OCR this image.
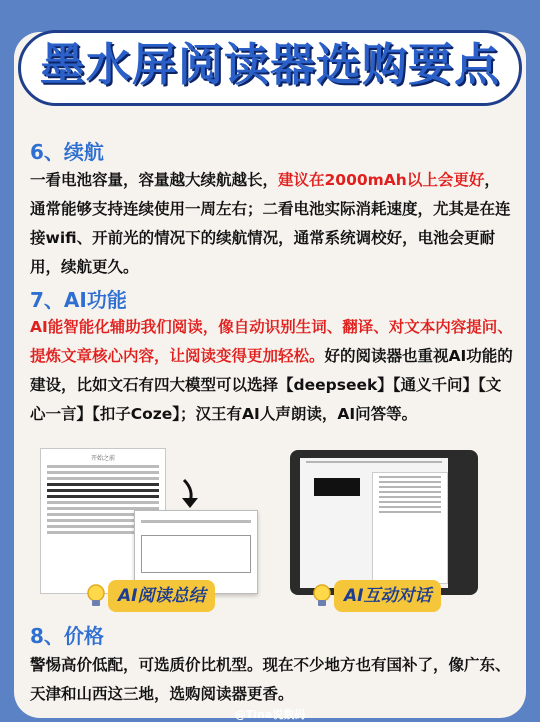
墨水屏阅读器选购要点
6、续航
一看电池容量，容量越大续航越长，建议在2000mAh以上会更好，通常能够支持连续使用一周左右；二看电池实际消耗速度，尤其是在连接wifi、开前光的情况下的续航情况，通常系统调校好，电池会更耐用，续航更久。
7、AI功能
AI能智能化辅助我们阅读，像自动识别生词、翻译、对文本内容提问、提炼文章核心内容，让阅读变得更加轻松。好的阅读器也重视AI功能的建设，比如文石有四大模型可以选择【deepseek】【通义千问】【文心一言】【扣子Coze】；汉王有AI人声朗读，AI问答等。
开始之前
AI阅读总结	AI互动对话
8、价格
警惕高价低配，可选质价比机型。现在不少地方也有国补了，像广东、天津和山西这三地，选购阅读器更香。
@Tina说数码
